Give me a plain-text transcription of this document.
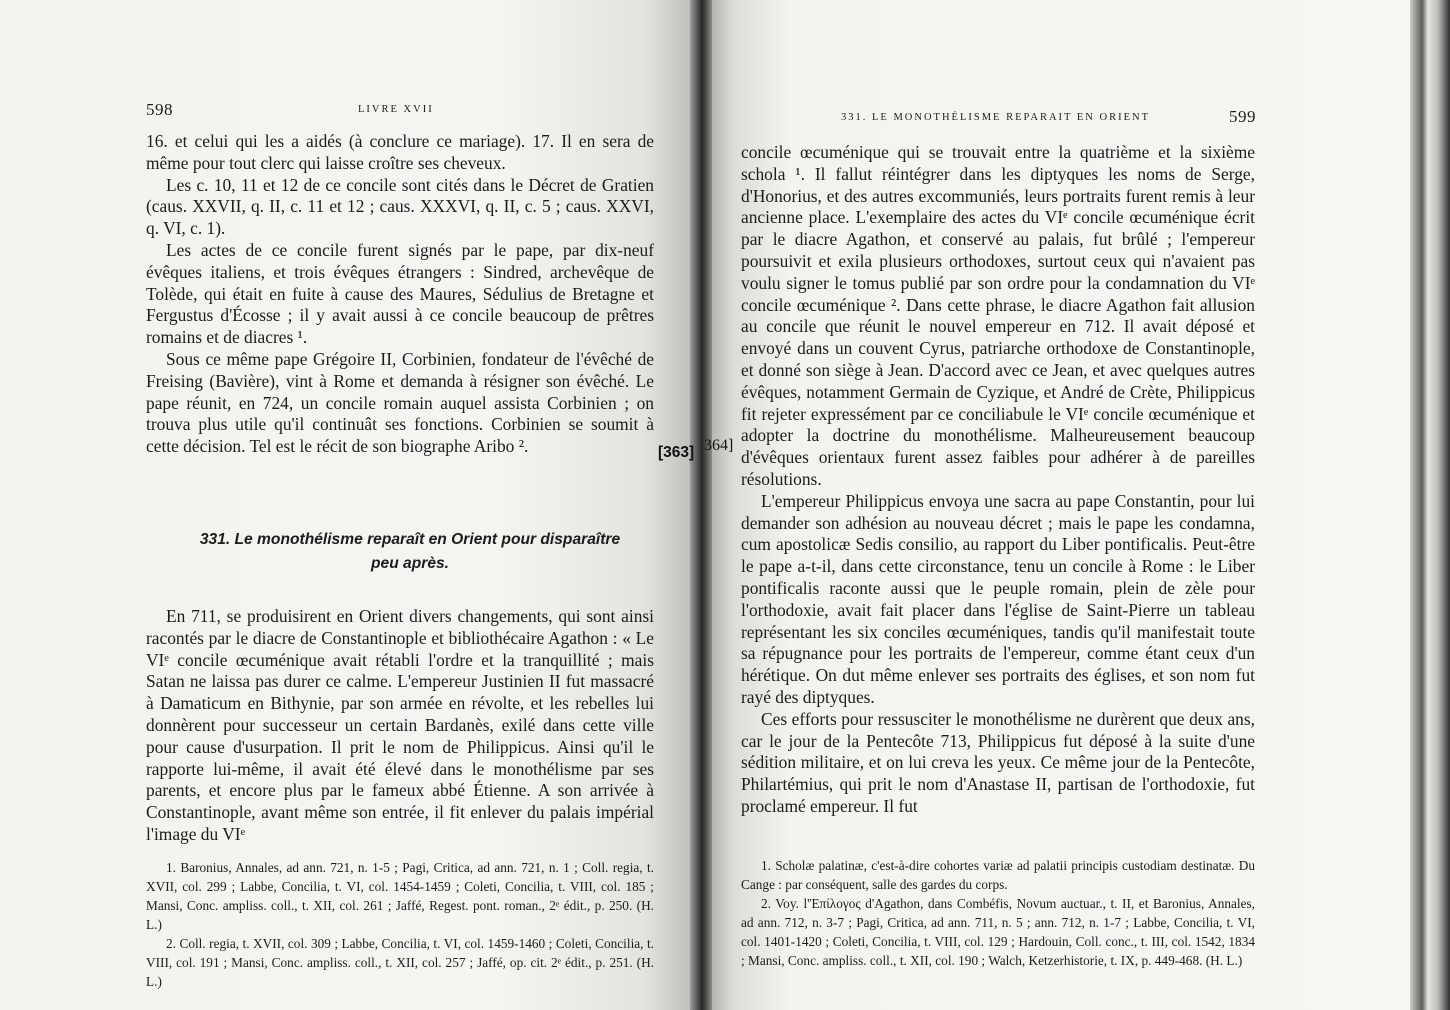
598	LIVRE XVII

16. et celui qui les a aidés (à conclure ce mariage). 17. Il en sera de même pour tout clerc qui laisse croître ses cheveux.

Les c. 10, 11 et 12 de ce concile sont cités dans le Décret de Gratien (caus. XXVII, q. II, c. 11 et 12 ; caus. XXXVI, q. II, c. 5 ; caus. XXVI, q. VI, c. 1).

Les actes de ce concile furent signés par le pape, par dix-neuf évêques italiens, et trois évêques étrangers : Sindred, archevêque de Tolède, qui était en fuite à cause des Maures, Sédulius de Bretagne et Fergustus d'Écosse ; il y avait aussi à ce concile beaucoup de prêtres romains et de diacres ¹.

Sous ce même pape Grégoire II, Corbinien, fondateur de l'évêché de Freising (Bavière), vint à Rome et demanda à résigner son évêché. Le pape réunit, en 724, un concile romain auquel assista Corbinien ; on trouva plus utile qu'il continuât ses fonctions. Corbinien se soumit à cette décision. Tel est le récit de son biographe Aribo ².

331. Le monothélisme reparaît en Orient pour disparaître
peu après.

En 711, se produisirent en Orient divers changements, qui sont ainsi racontés par le diacre de Constantinople et bibliothécaire Agathon : « Le VIᵉ concile œcuménique avait rétabli l'ordre et la tranquillité ; mais Satan ne laissa pas durer ce calme. L'empereur Justinien II fut massacré à Damaticum en Bithynie, par son armée en révolte, et les rebelles lui donnèrent pour successeur un certain Bardanès, exilé dans cette ville pour cause d'usurpation. Il prit le nom de Philippicus. Ainsi qu'il le rapporte lui-même, il avait été élevé dans le monothélisme par ses parents, et encore plus par le fameux abbé Étienne. A son arrivée à Constantinople, avant même son entrée, il fit enlever du palais impérial l'image du VIᵉ

1. Baronius, Annales, ad ann. 721, n. 1-5 ; Pagi, Critica, ad ann. 721, n. 1 ; Coll. regia, t. XVII, col. 299 ; Labbe, Concilia, t. VI, col. 1454-1459 ; Coleti, Concilia, t. VIII, col. 185 ; Mansi, Conc. ampliss. coll., t. XII, col. 261 ; Jaffé, Regest. pont. roman., 2ᵉ édit., p. 250. (H. L.)

2. Coll. regia, t. XVII, col. 309 ; Labbe, Concilia, t. VI, col. 1459-1460 ; Coleti, Concilia, t. VIII, col. 191 ; Mansi, Conc. ampliss. coll., t. XII, col. 257 ; Jaffé, op. cit. 2ᵉ édit., p. 251. (H. L.)

331. LE MONOTHÉLISME REPARAIT EN ORIENT	599

concile œcuménique qui se trouvait entre la quatrième et la sixième schola ¹. Il fallut réintégrer dans les diptyques les noms de Serge, d'Honorius, et des autres excommuniés, leurs portraits furent remis à leur ancienne place. L'exemplaire des actes du VIᵉ concile œcuménique écrit par le diacre Agathon, et conservé au palais, fut brûlé ; l'empereur poursuivit et exila plusieurs orthodoxes, surtout ceux qui n'avaient pas voulu signer le tomus publié par son ordre pour la condamnation du VIᵉ concile œcuménique ². Dans cette phrase, le diacre Agathon fait allusion au concile que réunit le nouvel empereur en 712. Il avait déposé et envoyé dans un couvent Cyrus, patriarche orthodoxe de Constantinople, et donné son siège à Jean. D'accord avec ce Jean, et avec quelques autres évêques, notamment Germain de Cyzique, et André de Crète, Philippicus fit rejeter expressément par ce conciliabule le VIᵉ concile œcuménique et adopter la doctrine du monothélisme. Malheureusement beaucoup d'évêques orientaux furent assez faibles pour adhérer à de pareilles résolutions.

L'empereur Philippicus envoya une sacra au pape Constantin, pour lui demander son adhésion au nouveau décret ; mais le pape les condamna, cum apostolicæ Sedis consilio, au rapport du Liber pontificalis. Peut-être le pape a-t-il, dans cette circonstance, tenu un concile à Rome : le Liber pontificalis raconte aussi que le peuple romain, plein de zèle pour l'orthodoxie, avait fait placer dans l'église de Saint-Pierre un tableau représentant les six conciles œcuméniques, tandis qu'il manifestait toute sa répugnance pour les portraits de l'empereur, comme étant ceux d'un hérétique. On dut même enlever ses portraits des églises, et son nom fut rayé des diptyques.

Ces efforts pour ressusciter le monothélisme ne durèrent que deux ans, car le jour de la Pentecôte 713, Philippicus fut déposé à la suite d'une sédition militaire, et on lui creva les yeux. Ce même jour de la Pentecôte, Philartémius, qui prit le nom d'Anastase II, partisan de l'orthodoxie, fut proclamé empereur. Il fut

1. Scholæ palatinæ, c'est-à-dire cohortes variæ ad palatii principis custodiam destinatæ. Du Cange : par conséquent, salle des gardes du corps.

2. Voy. l'Ἐπίλογος d'Agathon, dans Combéfis, Novum auctuar., t. II, et Baronius, Annales, ad ann. 712, n. 3-7 ; Pagi, Critica, ad ann. 711, n. 5 ; ann. 712, n. 1-7 ; Labbe, Concilia, t. VI, col. 1401-1420 ; Coleti, Concilia, t. VIII, col. 129 ; Hardouin, Coll. conc., t. III, col. 1542, 1834 ; Mansi, Conc. ampliss. coll., t. XII, col. 190 ; Walch, Ketzerhistorie, t. IX, p. 449-468. (H. L.)

[363] 364]
